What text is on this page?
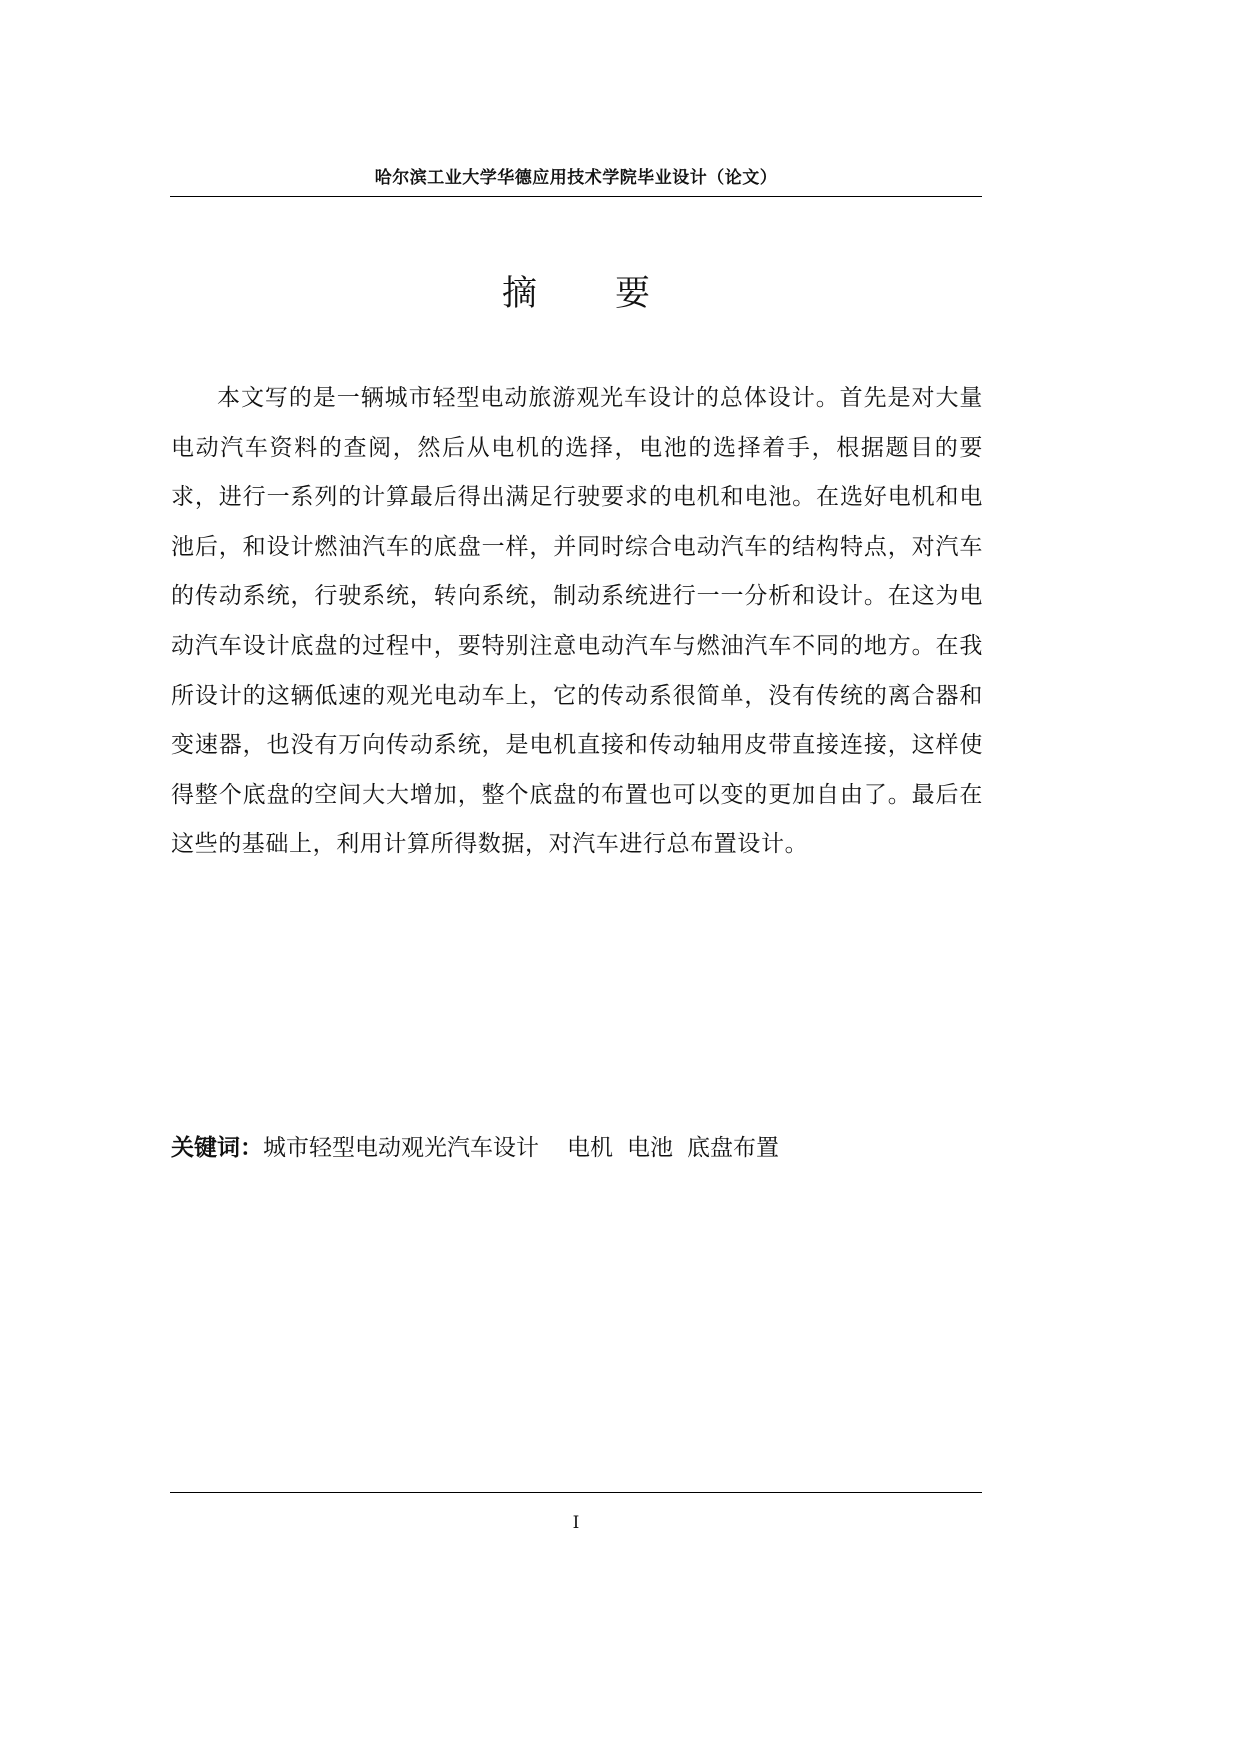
哈尔滨工业大学华德应用技术学院毕业设计（论文）
摘 要

本文写的是一辆城市轻型电动旅游观光车设计的总体设计。首先是对大量电动汽车资料的查阅，然后从电机的选择，电池的选择着手，根据题目的要求，进行一系列的计算最后得出满足行驶要求的电机和电池。在选好电机和电池后，和设计燃油汽车的底盘一样，并同时综合电动汽车的结构特点，对汽车的传动系统，行驶系统，转向系统，制动系统进行一一分析和设计。在这为电动汽车设计底盘的过程中，要特别注意电动汽车与燃油汽车不同的地方。在我所设计的这辆低速的观光电动车上，它的传动系很简单，没有传统的离合器和变速器，也没有万向传动系统，是电机直接和传动轴用皮带直接连接，这样使得整个底盘的空间大大增加，整个底盘的布置也可以变的更加自由了。最后在这些的基础上，利用计算所得数据，对汽车进行总布置设计。

关键词：城市轻型电动观光汽车设计 电机 电池 底盘布置
I
